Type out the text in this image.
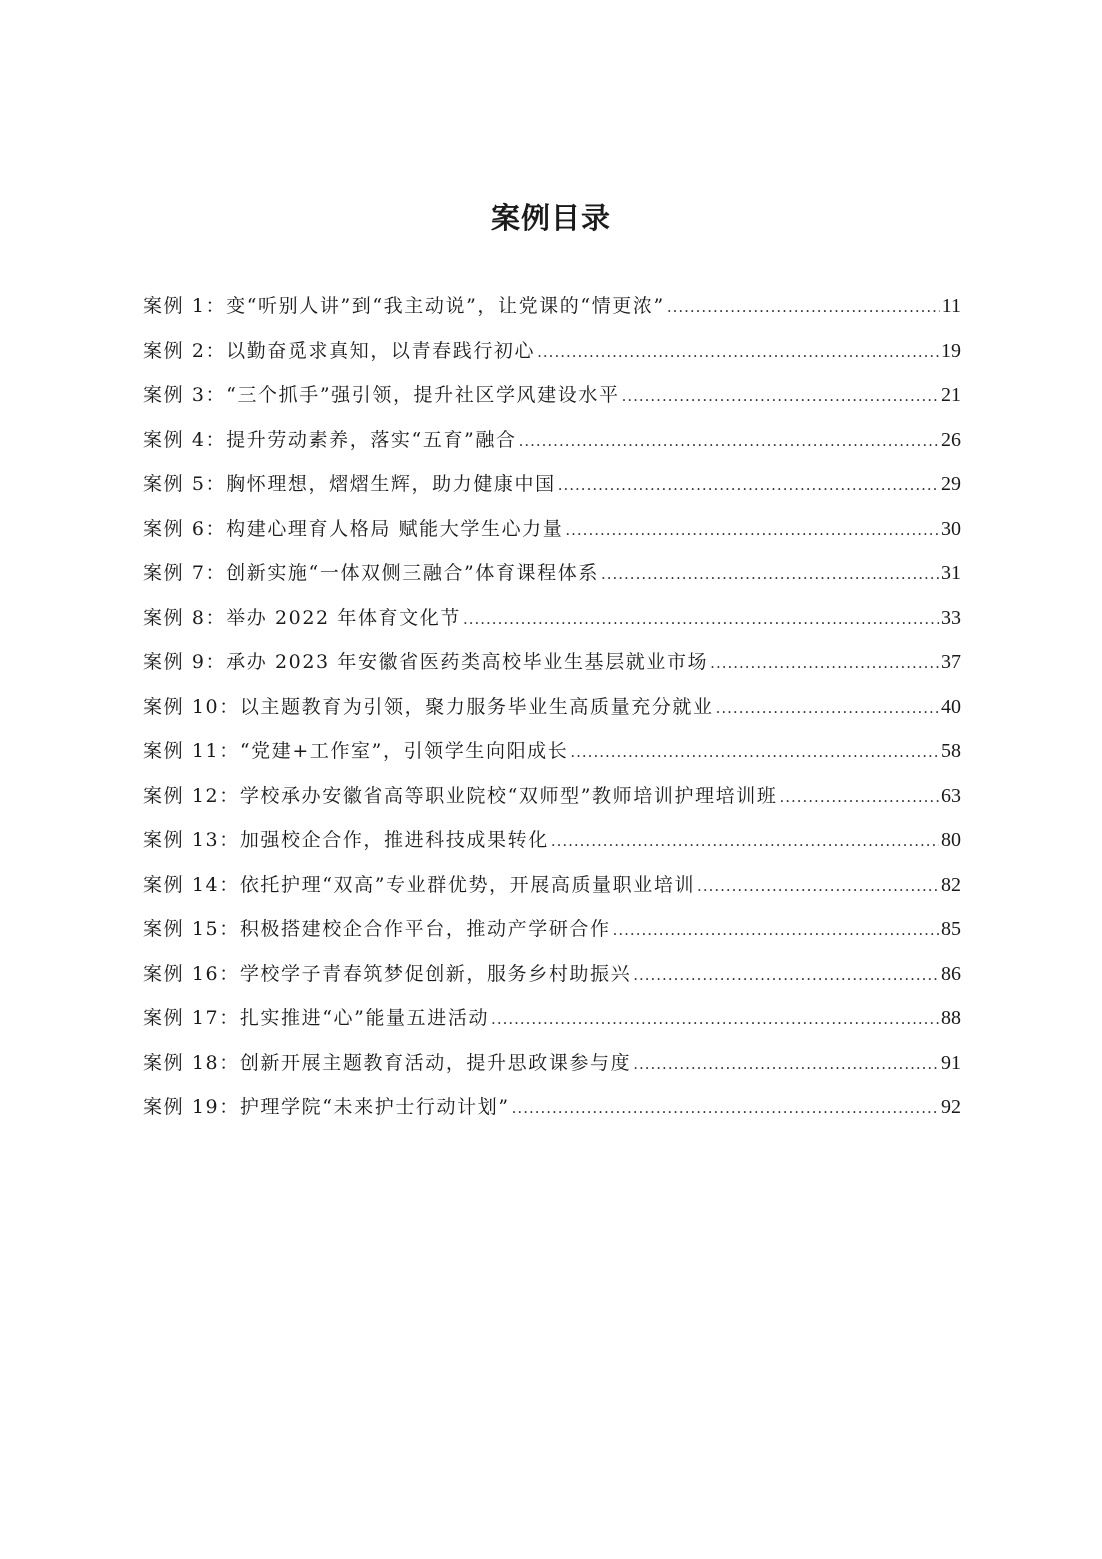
案例目录
案例 1：变“听别人讲”到“我主动说”，让党课的“情更浓” .....	11
案例 2：以勤奋觅求真知，以青春践行初心 .....	19
案例 3：“三个抓手”强引领，提升社区学风建设水平 .....	21
案例 4：提升劳动素养，落实“五育”融合 .....	26
案例 5：胸怀理想，熠熠生辉，助力健康中国 .....	29
案例 6：构建心理育人格局 赋能大学生心力量 .....	30
案例 7：创新实施“一体双侧三融合”体育课程体系 .....	31
案例 8：举办 2022 年体育文化节 .....	33
案例 9：承办 2023 年安徽省医药类高校毕业生基层就业市场 .....	37
案例 10：以主题教育为引领，聚力服务毕业生高质量充分就业 .....	40
案例 11：“党建+工作室”，引领学生向阳成长 .....	58
案例 12：学校承办安徽省高等职业院校“双师型”教师培训护理培训班 .....	63
案例 13：加强校企合作，推进科技成果转化 .....	80
案例 14：依托护理“双高”专业群优势，开展高质量职业培训 .....	82
案例 15：积极搭建校企合作平台，推动产学研合作 .....	85
案例 16：学校学子青春筑梦促创新，服务乡村助振兴 .....	86
案例 17：扎实推进“心”能量五进活动 .....	88
案例 18：创新开展主题教育活动，提升思政课参与度 .....	91
案例 19：护理学院“未来护士行动计划” .....	92
